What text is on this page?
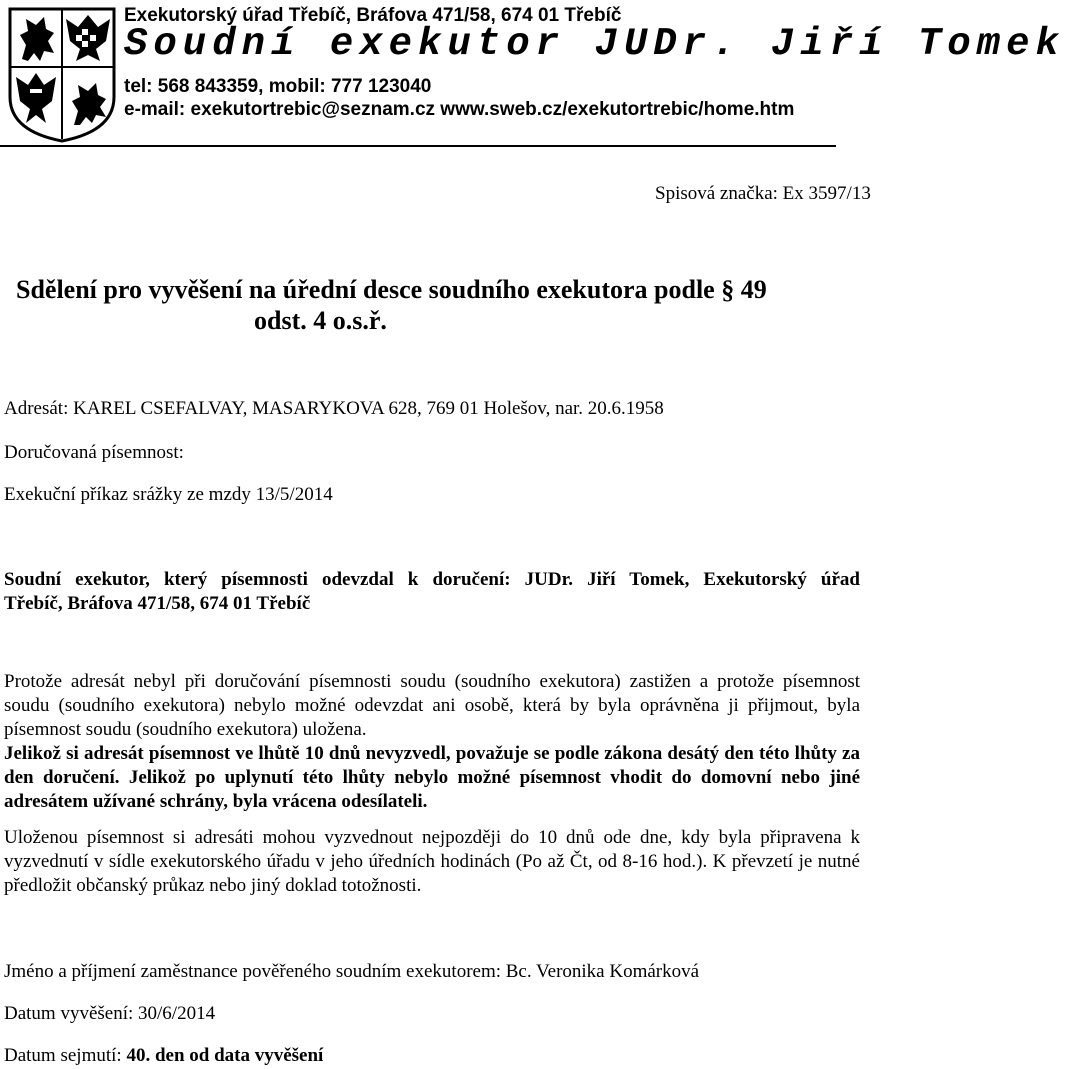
Exekutorský úřad Třebíč, Bráfova 471/58, 674 01 Třebíč
Soudní exekutor JUDr. Jiří Tomek
tel: 568 843359, mobil: 777 123040
e-mail: exekutortrebic@seznam.cz www.sweb.cz/exekutortrebic/home.htm
Spisová značka: Ex 3597/13
Sdělení pro vyvěšení na úřední desce soudního exekutora podle § 49
odst. 4 o.s.ř.
Adresát: KAREL CSEFALVAY, MASARYKOVA 628, 769 01 Holešov, nar. 20.6.1958
Doručovaná písemnost:
Exekuční příkaz srážky ze mzdy 13/5/2014
Soudní exekutor, který písemnosti odevzdal k doručení: JUDr. Jiří Tomek, Exekutorský úřad
Třebíč, Bráfova 471/58, 674 01 Třebíč
Protože adresát nebyl při doručování písemnosti soudu (soudního exekutora) zastižen a protože písemnost soudu (soudního exekutora) nebylo možné odevzdat ani osobě, která by byla oprávněna ji přijmout, byla písemnost soudu (soudního exekutora) uložena.
Jelikož si adresát písemnost ve lhůtě 10 dnů nevyzvedl, považuje se podle zákona desátý den této lhůty za den doručení. Jelikož po uplynutí této lhůty nebylo možné písemnost vhodit do domovní nebo jiné adresátem užívané schrány, byla vrácena odesílateli.
Uloženou písemnost si adresáti mohou vyzvednout nejpozději do 10 dnů ode dne, kdy byla připravena k vyzvednutí v sídle exekutorského úřadu v jeho úředních hodinách (Po až Čt, od 8-16 hod.). K převzetí je nutné předložit občanský průkaz nebo jiný doklad totožnosti.
Jméno a příjmení zaměstnance pověřeného soudním exekutorem: Bc. Veronika Komárková
Datum vyvěšení: 30/6/2014
Datum sejmutí: 40. den od data vyvěšení
